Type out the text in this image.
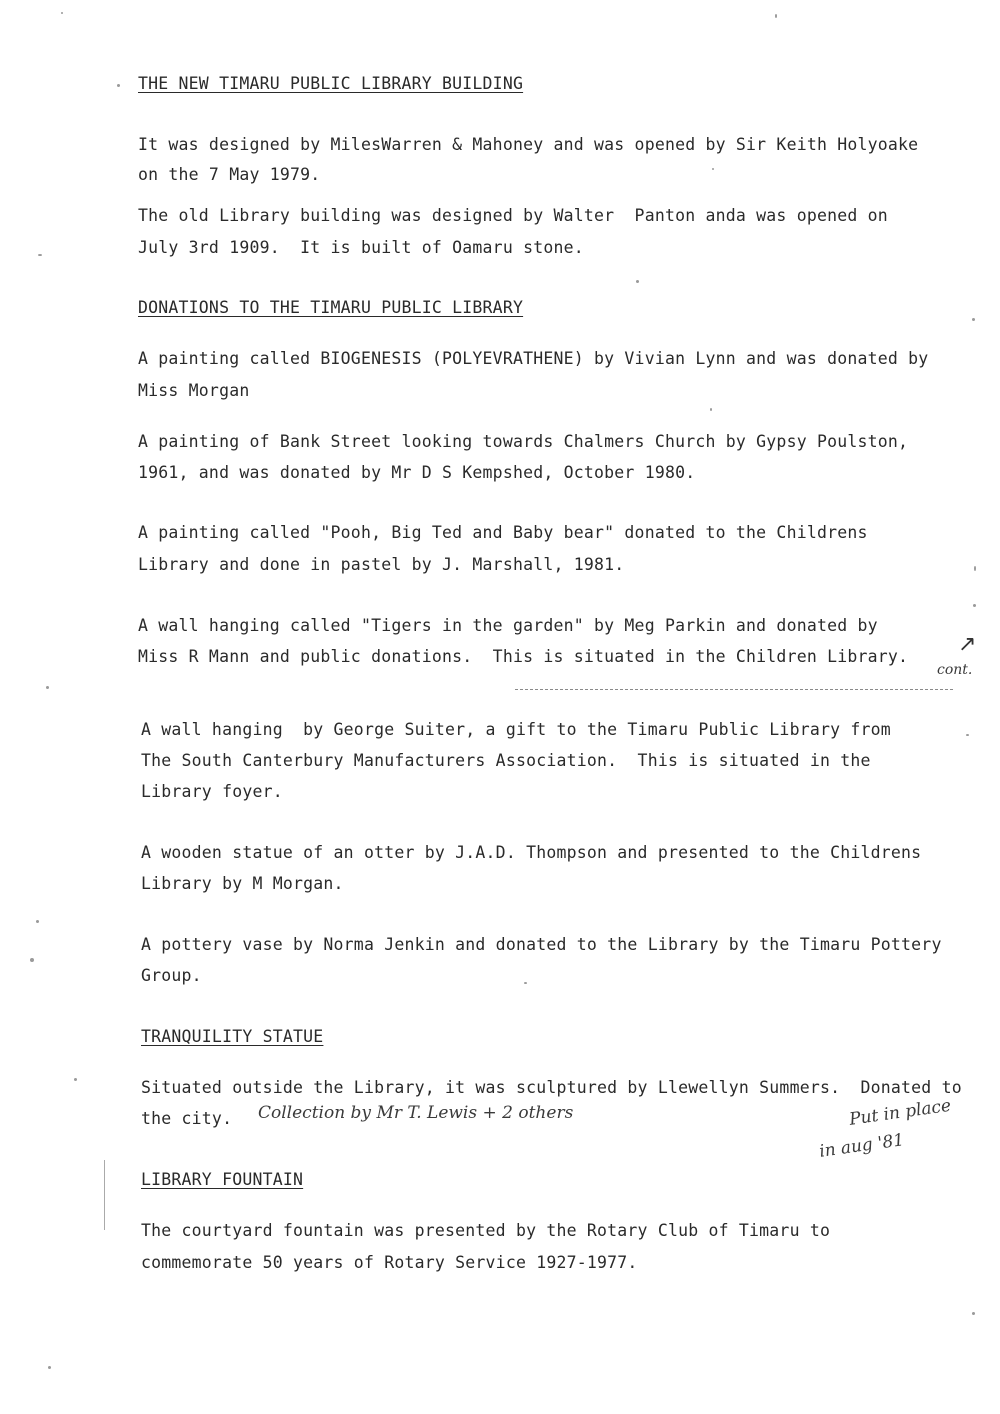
THE NEW TIMARU PUBLIC LIBRARY BUILDING
It was designed by MilesWarren & Mahoney and was opened by Sir Keith Holyoake
on the 7 May 1979.
The old Library building was designed by Walter  Panton anda was opened on
July 3rd 1909.  It is built of Oamaru stone.
DONATIONS TO THE TIMARU PUBLIC LIBRARY
A painting called BIOGENESIS (POLYEVRATHENE) by Vivian Lynn and was donated by
Miss Morgan
A painting of Bank Street looking towards Chalmers Church by Gypsy Poulston,
1961, and was donated by Mr D S Kempshed, October 1980.
A painting called "Pooh, Big Ted and Baby bear" donated to the Childrens
Library and done in pastel by J. Marshall, 1981.
A wall hanging called "Tigers in the garden" by Meg Parkin and donated by
Miss R Mann and public donations.  This is situated in the Children Library. ↗
cont.
A wall hanging  by George Suiter, a gift to the Timaru Public Library from
The South Canterbury Manufacturers Association.  This is situated in the
Library foyer.
A wooden statue of an otter by J.A.D. Thompson and presented to the Childrens
Library by M Morgan.
A pottery vase by Norma Jenkin and donated to the Library by the Timaru Pottery
Group.
TRANQUILITY STATUE
Situated outside the Library, it was sculptured by Llewellyn Summers.  Donated to
the city. Collection by Mr T. Lewis + 2 others	Put in place
in aug '81
LIBRARY FOUNTAIN
The courtyard fountain was presented by the Rotary Club of Timaru to
commemorate 50 years of Rotary Service 1927-1977.
